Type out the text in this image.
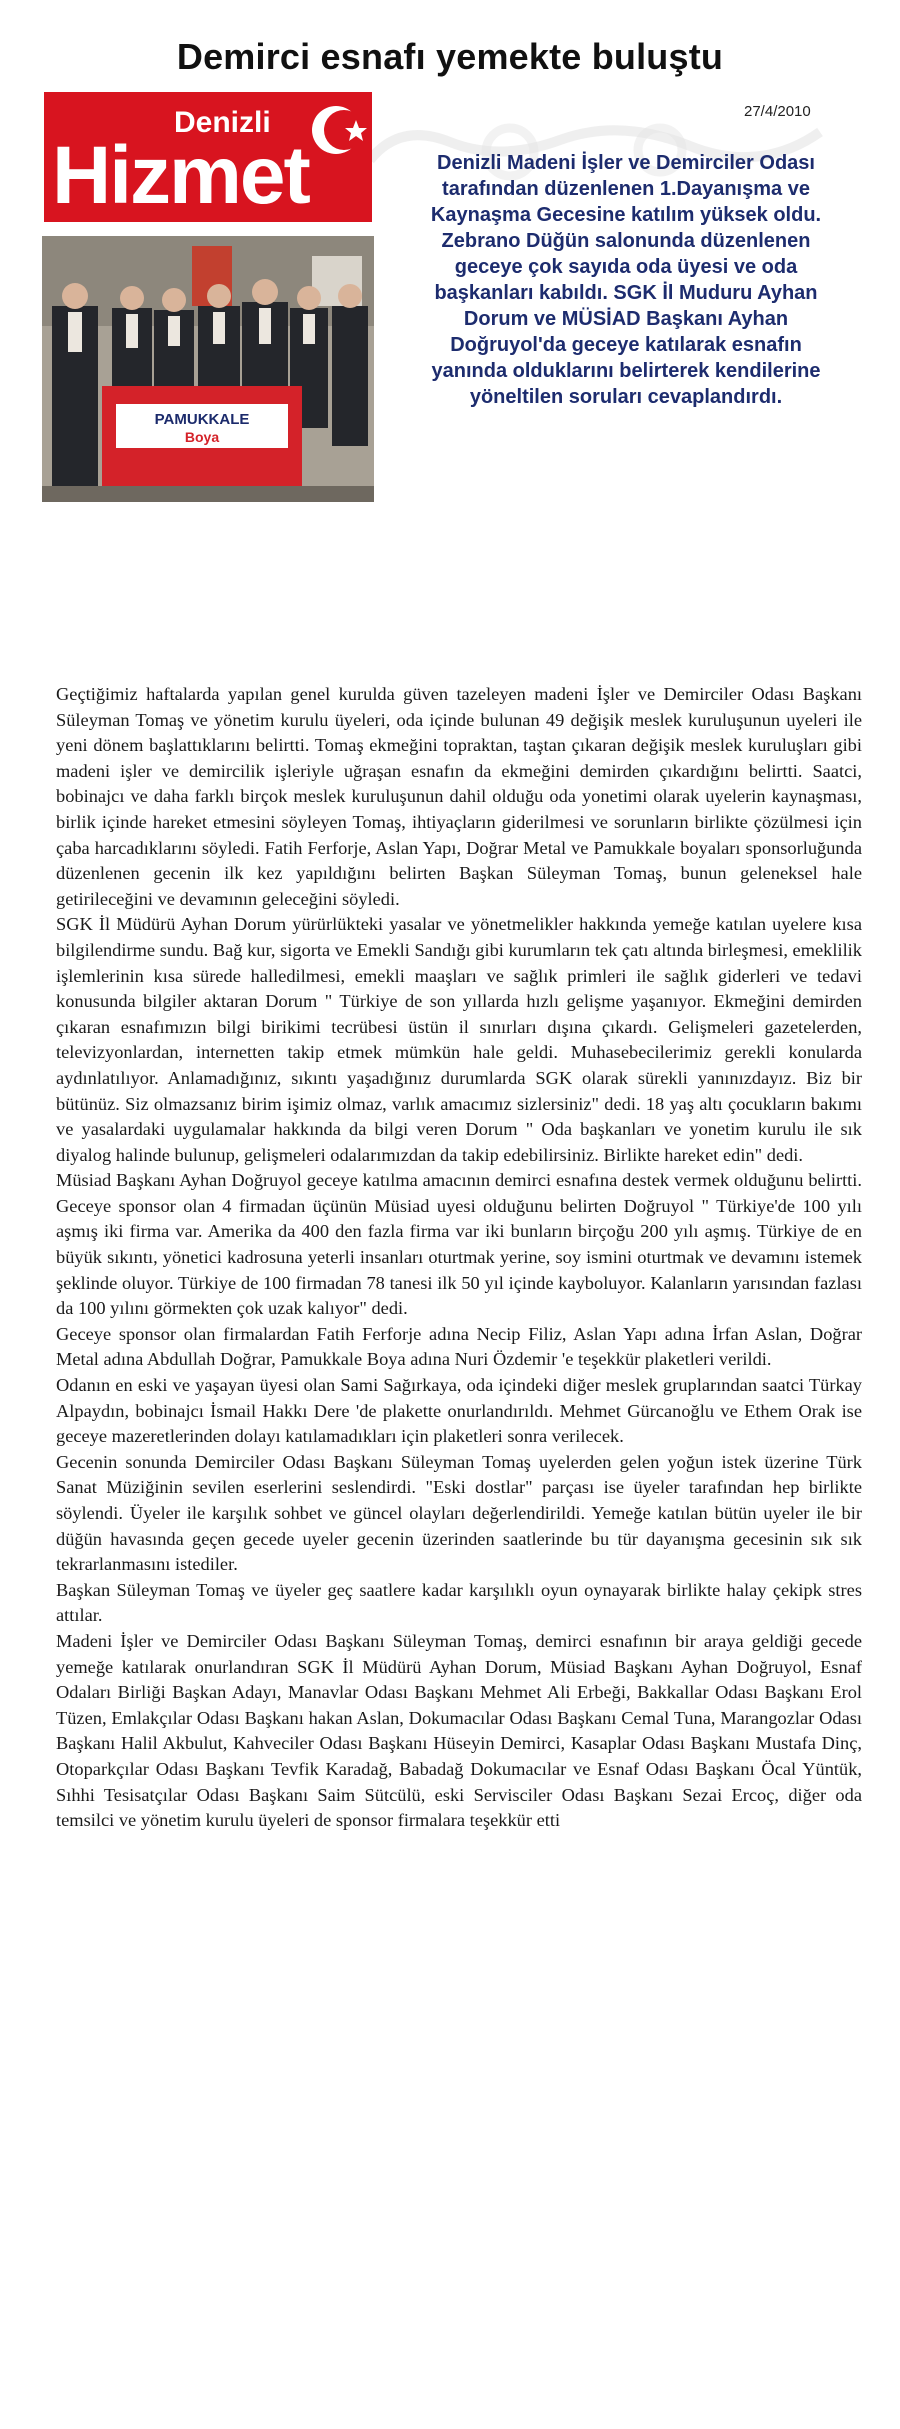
Demirci esnafı yemekte buluştu
27/4/2010
Denizli
Hizmet
PAMUKKALE
Boya
Denizli Madeni İşler ve Demirciler Odası tarafından düzenlenen 1.Dayanışma ve Kaynaşma Gecesine katılım yüksek oldu. Zebrano Düğün salonunda düzenlenen geceye çok sayıda oda üyesi ve oda başkanları kabıldı. SGK İl Muduru Ayhan Dorum ve MÜSİAD Başkanı Ayhan Doğruyol'da geceye katılarak esnafın yanında olduklarını belirterek kendilerine yöneltilen soruları cevaplandırdı.

Geçtiğimiz haftalarda yapılan genel kurulda güven tazeleyen madeni İşler ve Demirciler Odası Başkanı Süleyman Tomaş ve yönetim kurulu üyeleri, oda içinde bulunan 49 değişik meslek kuruluşunun uyeleri ile yeni dönem başlattıklarını belirtti. Tomaş ekmeğini topraktan, taştan çıkaran değişik meslek kuruluşları gibi madeni işler ve demircilik işleriyle uğraşan esnafın da ekmeğini demirden çıkardığını belirtti. Saatci, bobinajcı ve daha farklı birçok meslek kuruluşunun dahil olduğu oda yonetimi olarak uyelerin kaynaşması, birlik içinde hareket etmesini söyleyen Tomaş, ihtiyaçların giderilmesi ve sorunların birlikte çözülmesi için çaba harcadıklarını söyledi. Fatih Ferforje, Aslan Yapı, Doğrar Metal ve Pamukkale boyaları sponsorluğunda düzenlenen gecenin ilk kez yapıldığını belirten Başkan Süleyman Tomaş, bunun geleneksel hale getirileceğini ve devamının geleceğini söyledi.

SGK İl Müdürü Ayhan Dorum yürürlükteki yasalar ve yönetmelikler hakkında yemeğe katılan uyelere kısa bilgilendirme sundu. Bağ kur, sigorta ve Emekli Sandığı gibi kurumların tek çatı altında birleşmesi, emeklilik işlemlerinin kısa sürede halledilmesi, emekli maaşları ve sağlık primleri ile sağlık giderleri ve tedavi konusunda bilgiler aktaran Dorum " Türkiye de son yıllarda hızlı gelişme yaşanıyor. Ekmeğini demirden çıkaran esnafımızın bilgi birikimi tecrübesi üstün il sınırları dışına çıkardı. Gelişmeleri gazetelerden, televizyonlardan, internetten takip etmek mümkün hale geldi. Muhasebecilerimiz gerekli konularda aydınlatılıyor. Anlamadığınız, sıkıntı yaşadığınız durumlarda SGK olarak sürekli yanınızdayız. Biz bir bütünüz. Siz olmazsanız birim işimiz olmaz, varlık amacımız sizlersiniz" dedi. 18 yaş altı çocukların bakımı ve yasalardaki uygulamalar hakkında da bilgi veren Dorum " Oda başkanları ve yonetim kurulu ile sık diyalog halinde bulunup, gelişmeleri odalarımızdan da takip edebilirsiniz. Birlikte hareket edin" dedi.

Müsiad Başkanı Ayhan Doğruyol geceye katılma amacının demirci esnafına destek vermek olduğunu belirtti. Geceye sponsor olan 4 firmadan üçünün Müsiad uyesi olduğunu belirten Doğruyol " Türkiye'de 100 yılı aşmış iki firma var. Amerika da 400 den fazla firma var iki bunların birçoğu 200 yılı aşmış. Türkiye de en büyük sıkıntı, yönetici kadrosuna yeterli insanları oturtmak yerine, soy ismini oturtmak ve devamını istemek şeklinde oluyor. Türkiye de 100 firmadan 78 tanesi ilk 50 yıl içinde kayboluyor. Kalanların yarısından fazlası da 100 yılını görmekten çok uzak kalıyor" dedi.

Geceye sponsor olan firmalardan Fatih Ferforje adına Necip Filiz, Aslan Yapı adına İrfan Aslan, Doğrar Metal adına Abdullah Doğrar, Pamukkale Boya adına Nuri Özdemir 'e teşekkür plaketleri verildi.

Odanın en eski ve yaşayan üyesi olan Sami Sağırkaya, oda içindeki diğer meslek gruplarından saatci Türkay Alpaydın, bobinajcı İsmail Hakkı Dere 'de plakette onurlandırıldı. Mehmet Gürcanoğlu ve Ethem Orak ise geceye mazeretlerinden dolayı katılamadıkları için plaketleri sonra verilecek.

Gecenin sonunda Demirciler Odası Başkanı Süleyman Tomaş uyelerden gelen yoğun istek üzerine Türk Sanat Müziğinin sevilen eserlerini seslendirdi. "Eski dostlar" parçası ise üyeler tarafından hep birlikte söylendi. Üyeler ile karşılık sohbet ve güncel olayları değerlendirildi. Yemeğe katılan bütün uyeler ile bir düğün havasında geçen gecede uyeler gecenin üzerinden saatlerinde bu tür dayanışma gecesinin sık sık tekrarlanmasını istediler.

Başkan Süleyman Tomaş ve üyeler geç saatlere kadar karşılıklı oyun oynayarak birlikte halay çekipk stres attılar.

Madeni İşler ve Demirciler Odası Başkanı Süleyman Tomaş, demirci esnafının bir araya geldiği gecede yemeğe katılarak onurlandıran SGK İl Müdürü Ayhan Dorum, Müsiad Başkanı Ayhan Doğruyol, Esnaf Odaları Birliği Başkan Adayı, Manavlar Odası Başkanı Mehmet Ali Erbeği, Bakkallar Odası Başkanı Erol Tüzen, Emlakçılar Odası Başkanı hakan Aslan, Dokumacılar Odası Başkanı Cemal Tuna, Marangozlar Odası Başkanı Halil Akbulut, Kahveciler Odası Başkanı Hüseyin Demirci, Kasaplar Odası Başkanı Mustafa Dinç, Otoparkçılar Odası Başkanı Tevfik Karadağ, Babadağ Dokumacılar ve Esnaf Odası Başkanı Öcal Yüntük, Sıhhi Tesisatçılar Odası Başkanı Saim Sütcülü, eski Servisciler Odası Başkanı Sezai Ercoç, diğer oda temsilci ve yönetim kurulu üyeleri de sponsor firmalara teşekkür etti
